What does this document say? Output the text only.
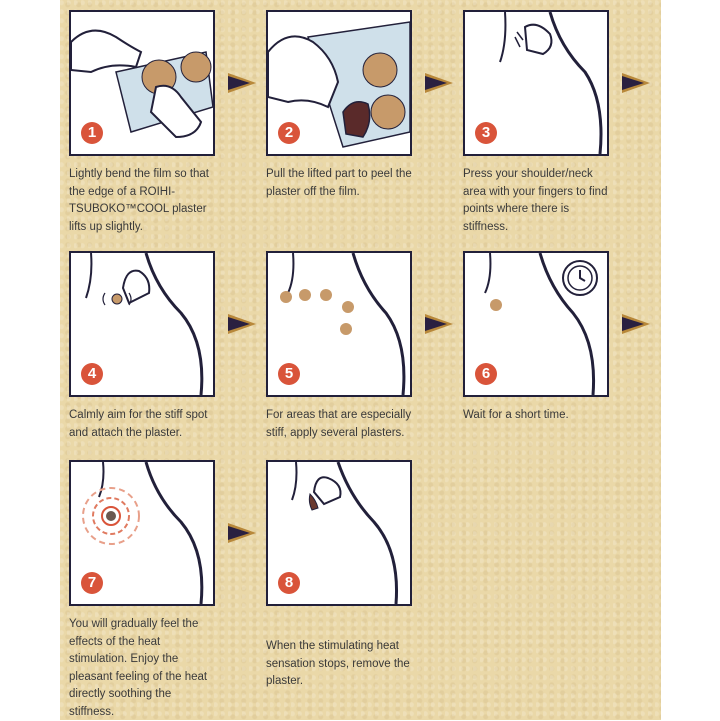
1	2	3
4	5	6
7	8
Lightly bend the film so that the edge of a ROIHI-TSUBOKO™COOL plaster lifts up slightly.
Pull the lifted part to peel the plaster off the film.
Press your shoulder/neck area with your fingers to find points where there is stiffness.
Calmly aim for the stiff spot and attach the plaster.
For areas that are especially stiff, apply several plasters.
Wait for a short time.
You will gradually feel the effects of the heat stimulation. Enjoy the pleasant feeling of the heat directly soothing the stiffness.
When the stimulating heat sensation stops, remove the plaster.
